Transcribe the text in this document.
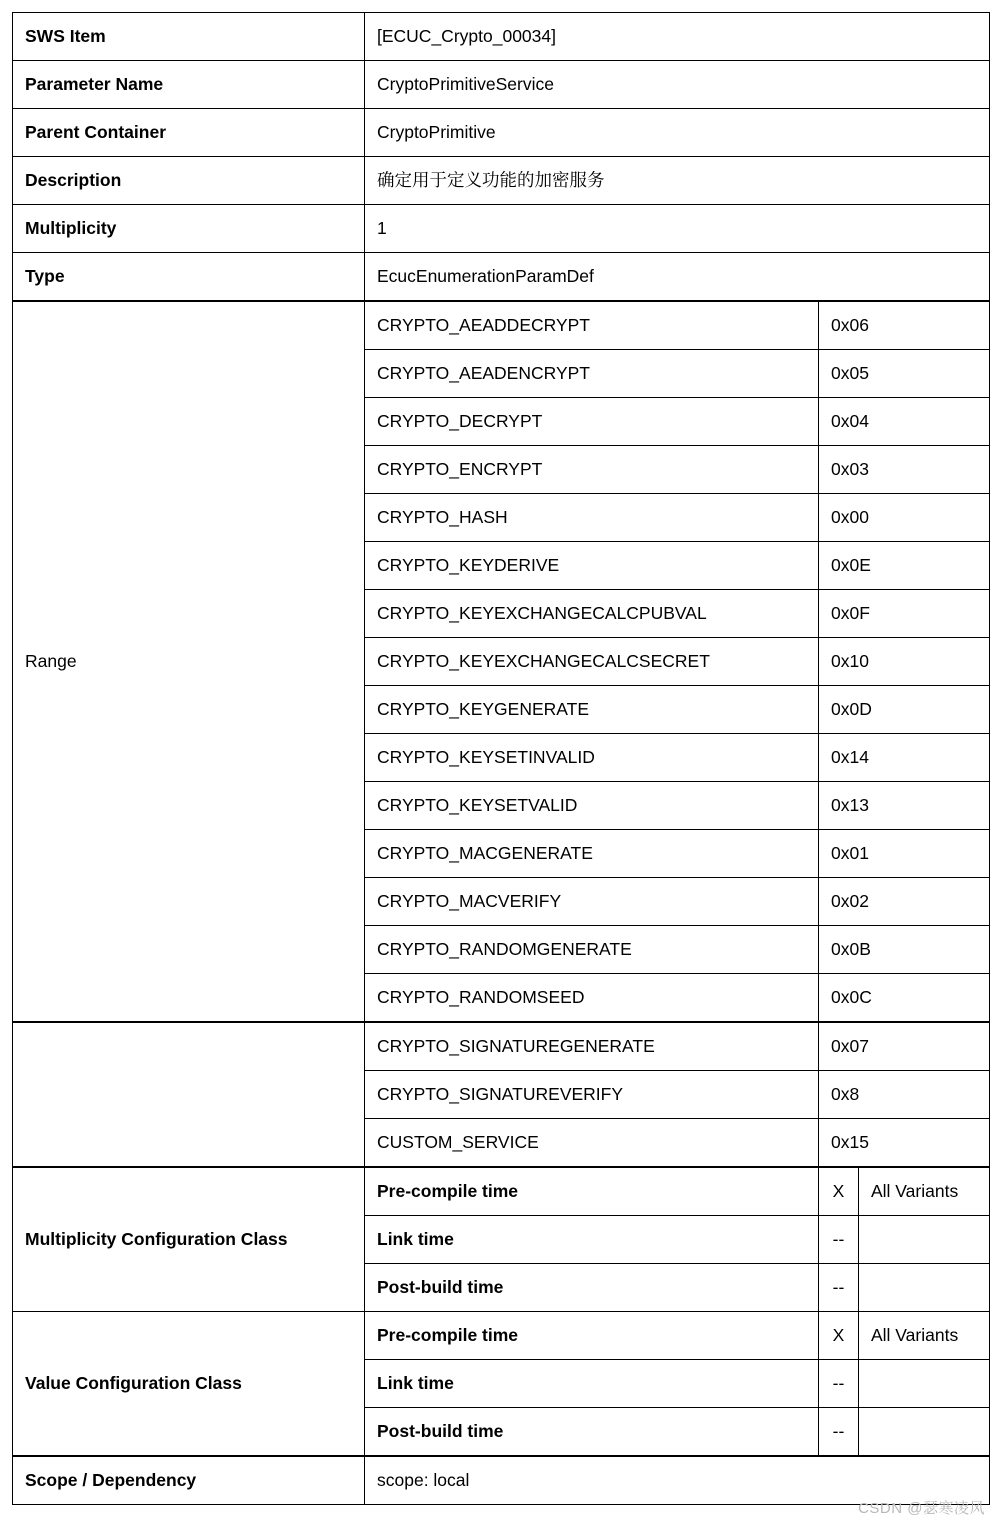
SWS Item	[ECUC_Crypto_00034]
Parameter Name	CryptoPrimitiveService
Parent Container	CryptoPrimitive
Description	确定用于定义功能的加密服务
Multiplicity	1
Type	EcucEnumerationParamDef
Range	CRYPTO_AEADDECRYPT	0x06
	CRYPTO_AEADENCRYPT	0x05
	CRYPTO_DECRYPT	0x04
	CRYPTO_ENCRYPT	0x03
	CRYPTO_HASH	0x00
	CRYPTO_KEYDERIVE	0x0E
	CRYPTO_KEYEXCHANGECALCPUBVAL	0x0F
	CRYPTO_KEYEXCHANGECALCSECRET	0x10
	CRYPTO_KEYGENERATE	0x0D
	CRYPTO_KEYSETINVALID	0x14
	CRYPTO_KEYSETVALID	0x13
	CRYPTO_MACGENERATE	0x01
	CRYPTO_MACVERIFY	0x02
	CRYPTO_RANDOMGENERATE	0x0B
	CRYPTO_RANDOMSEED	0x0C
	CRYPTO_SIGNATUREGENERATE	0x07
	CRYPTO_SIGNATUREVERIFY	0x8
	CUSTOM_SERVICE	0x15
Multiplicity Configuration Class	Pre-compile time	X	All Variants
	Link time	--	
	Post-build time	--	
Value Configuration Class	Pre-compile time	X	All Variants
	Link time	--	
	Post-build time	--	
Scope / Dependency	scope: local
CSDN @瑟寒凌风
